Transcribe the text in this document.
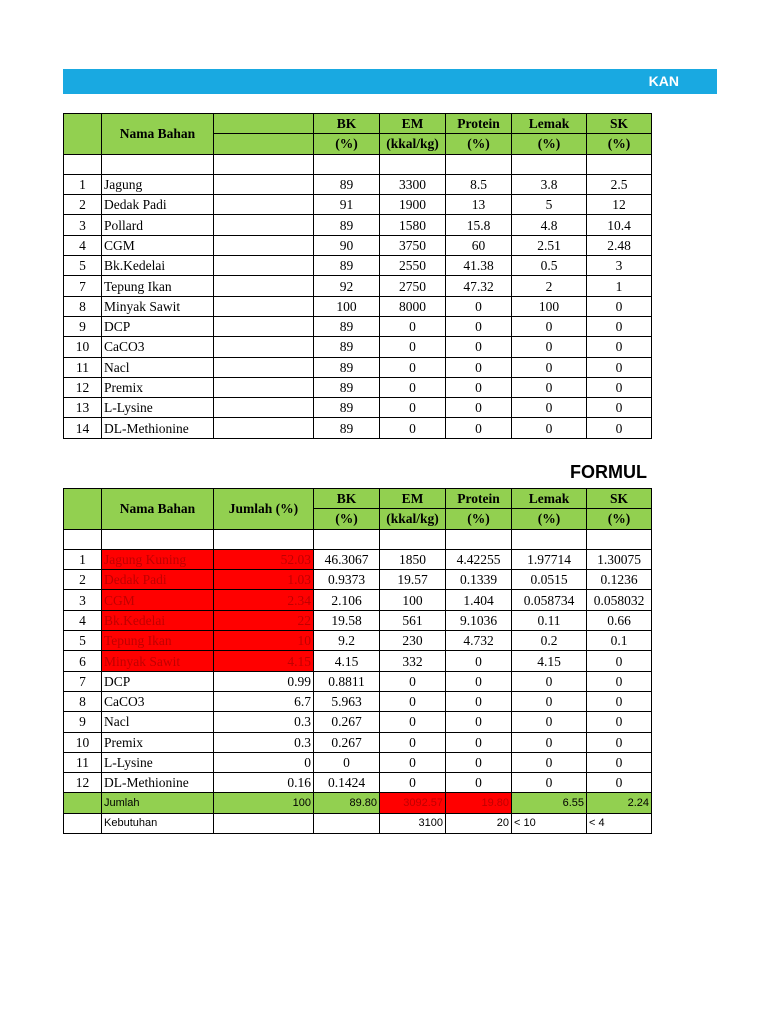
KAN
	Nama Bahan		BK	EM	Protein	Lemak	SK
			(%)	(kkal/kg)	(%)	(%)	(%)

1	Jagung		89	3300	8.5	3.8	2.5
2	Dedak Padi		91	1900	13	5	12
3	Pollard		89	1580	15.8	4.8	10.4
4	CGM		90	3750	60	2.51	2.48
5	Bk.Kedelai		89	2550	41.38	0.5	3
7	Tepung Ikan		92	2750	47.32	2	1
8	Minyak Sawit		100	8000	0	100	0
9	DCP		89	0	0	0	0
10	CaCO3		89	0	0	0	0
11	Nacl		89	0	0	0	0
12	Premix		89	0	0	0	0
13	L-Lysine		89	0	0	0	0
14	DL-Methionine		89	0	0	0	0
FORMUL
	Nama Bahan	Jumlah (%)	BK	EM	Protein	Lemak	SK
			(%)	(kkal/kg)	(%)	(%)	(%)

1	Jagung Kuning	52.03	46.3067	1850	4.42255	1.97714	1.30075
2	Dedak Padi	1.03	0.9373	19.57	0.1339	0.0515	0.1236
3	CGM	2.34	2.106	100	1.404	0.058734	0.058032
4	Bk.Kedelai	22	19.58	561	9.1036	0.11	0.66
5	Tepung Ikan	10	9.2	230	4.732	0.2	0.1
6	Minyak Sawit	4.15	4.15	332	0	4.15	0
7	DCP	0.99	0.8811	0	0	0	0
8	CaCO3	6.7	5.963	0	0	0	0
9	Nacl	0.3	0.267	0	0	0	0
10	Premix	0.3	0.267	0	0	0	0
11	L-Lysine	0	0	0	0	0	0
12	DL-Methionine	0.16	0.1424	0	0	0	0
	Jumlah	100	89.80	3092.57	19.80	6.55	2.24
	Kebutuhan			3100	20	< 10	< 4
